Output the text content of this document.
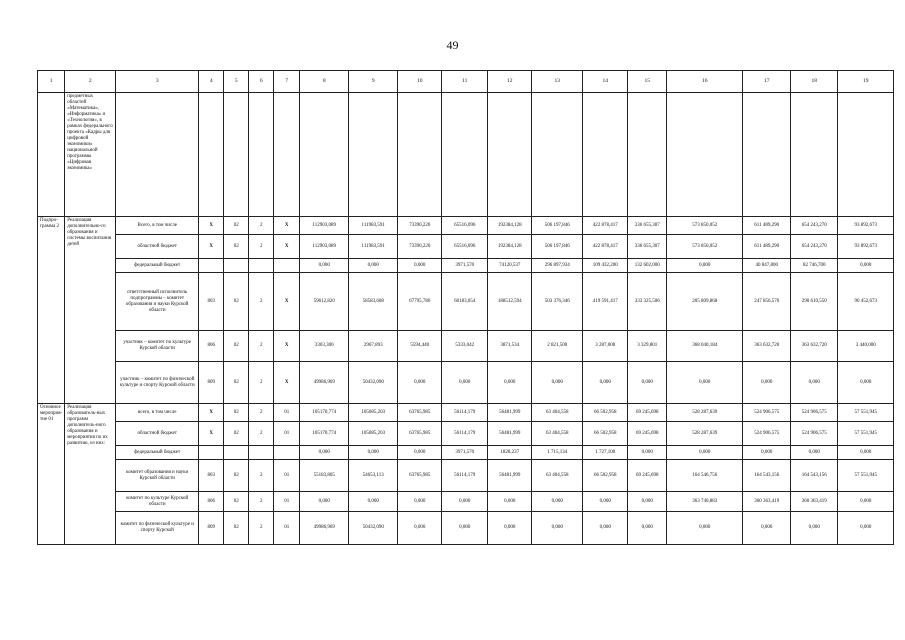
49
1	2	3	4	5	6	7	8	9	10	11	12	13	14	15	16	17	18	19
	предметных областей «Математика», «Информатика» и «Технология», в рамках федерального проекта «Кадры для цифровой экономики» национальной программы «Цифровая экономика»																	
Подпро-грамма 2	Реализация дополнительно-го образования и системы воспитания детей	Всего, в том числе	Х	02	2	Х	112903,089	111983,591	73390,220	65516,096	192384,128	506 197,846	422 878,417	336 655,307	573 850,052	611 489,290	654 243,270	93 892,673
		областной бюджет	Х	02	2	Х	112903,089	111983,591	73390,220	65516,096	192384,128	506 197,846	422 878,417	336 655,307	573 850,052	611 489,290	654 243,270	93 892,673
		федеральный бюджет					0,000	0,000	0,000	3971,570	74120,537	296 897,934	109 432,200	132 602,000	0,000	40 847,800	82 746,700	0,000
		ответственный исполнитель подпрограммы – комитет образования и науки Курской области	803	02	2	Х	59612,820	58583,608	67795,780	60183,054	188512,594	503 376,346	419 591,417	333 325,506	205 809,868	247 856,570	290 610,550	90 452,673
		участник – комитет по культуре Курской области	806	02	2	Х	3303,300	2967,893	5594,440	5333,042	3871,534	2 821,500	3 287,000	3 329,801	368 040,184	363 632,720	363 632,720	3 440,000
		участник – комитет по физической культуре и спорту Курской области	809	02	2	Х	49986,969	50432,090	0,000	0,000	0,000	0,000	0,000	0,000	0,000	0,000	0,000	0,000
Основное мероприя-тие 01	Реализация образователь-ных программ дополнитель-ного образования и мероприятия по их развитию, из них:	всего, в том числе	Х	02	2	01	105170,774	105085,203	63765,985	56114,179	56481,999	63 404,558	66 502,958	69 245,698	528 287,639	524 906,575	524 906,575	57 551,945
		областной бюджет	Х	02	2	01	105170,774	105085,203	63765,985	56114,179	56481,999	63 404,558	66 502,958	69 245,698	528 287,639	524 906,575	524 906,575	57 551,945
		федеральный бюджет					0,000	0,000	0,000	3971,570	1828,237	1 715,134	1 727,100	0,000	0,000	0,000	0,000	0,000
		комитет образования и науки Курской области	803	02	2	01	55183,805	54653,113	63765,985	56114,179	56481,999	63 404,558	66 502,958	69 245,698	164 546,756	164 543,156	164 543,156	57 551,945
		комитет по культуре Курской области	806	02	2	01	0,000	0,000	0,000	0,000	0,000	0,000	0,000	0,000	363 740,883	360 363,419	360 363,419	0,000
		комитет по физической культуре и спорту Курской	809	02	2	01	49986,969	50432,090	0,000	0,000	0,000	0,000	0,000	0,000	0,000	0,000	0,000	0,000
